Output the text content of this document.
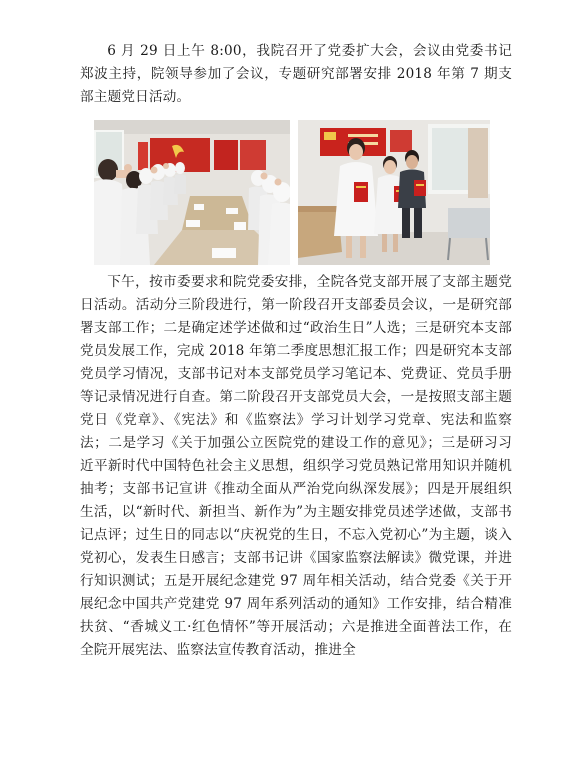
6 月 29 日上午 8:00，我院召开了党委扩大会，会议由党委书记郑波主持，院领导参加了会议，专题研究部署安排 2018 年第 7 期支部主题党日活动。

下午，按市委要求和院党委安排，全院各党支部开展了支部主题党日活动。活动分三阶段进行，第一阶段召开支部委员会议，一是研究部署支部工作；二是确定述学述做和过“政治生日”人选；三是研究本支部党员发展工作，完成 2018 年第二季度思想汇报工作；四是研究本支部党员学习情况，支部书记对本支部党员学习笔记本、党费证、党员手册等记录情况进行自查。第二阶段召开支部党员大会，一是按照支部主题党日《党章》、《宪法》和《监察法》学习计划学习党章、宪法和监察法；二是学习《关于加强公立医院党的建设工作的意见》；三是研习习近平新时代中国特色社会主义思想，组织学习党员熟记常用知识并随机抽考；支部书记宣讲《推动全面从严治党向纵深发展》；四是开展组织生活，以“新时代、新担当、新作为”为主题安排党员述学述做，支部书记点评；过生日的同志以“庆祝党的生日，不忘入党初心”为主题，谈入党初心，发表生日感言；支部书记讲《国家监察法解读》微党课，并进行知识测试；五是开展纪念建党 97 周年相关活动，结合党委《关于开展纪念中国共产党建党 97 周年系列活动的通知》工作安排，结合精准扶贫、“香城义工·红色情怀”等开展活动；六是推进全面普法工作，在全院开展宪法、监察法宣传教育活动，推进全
